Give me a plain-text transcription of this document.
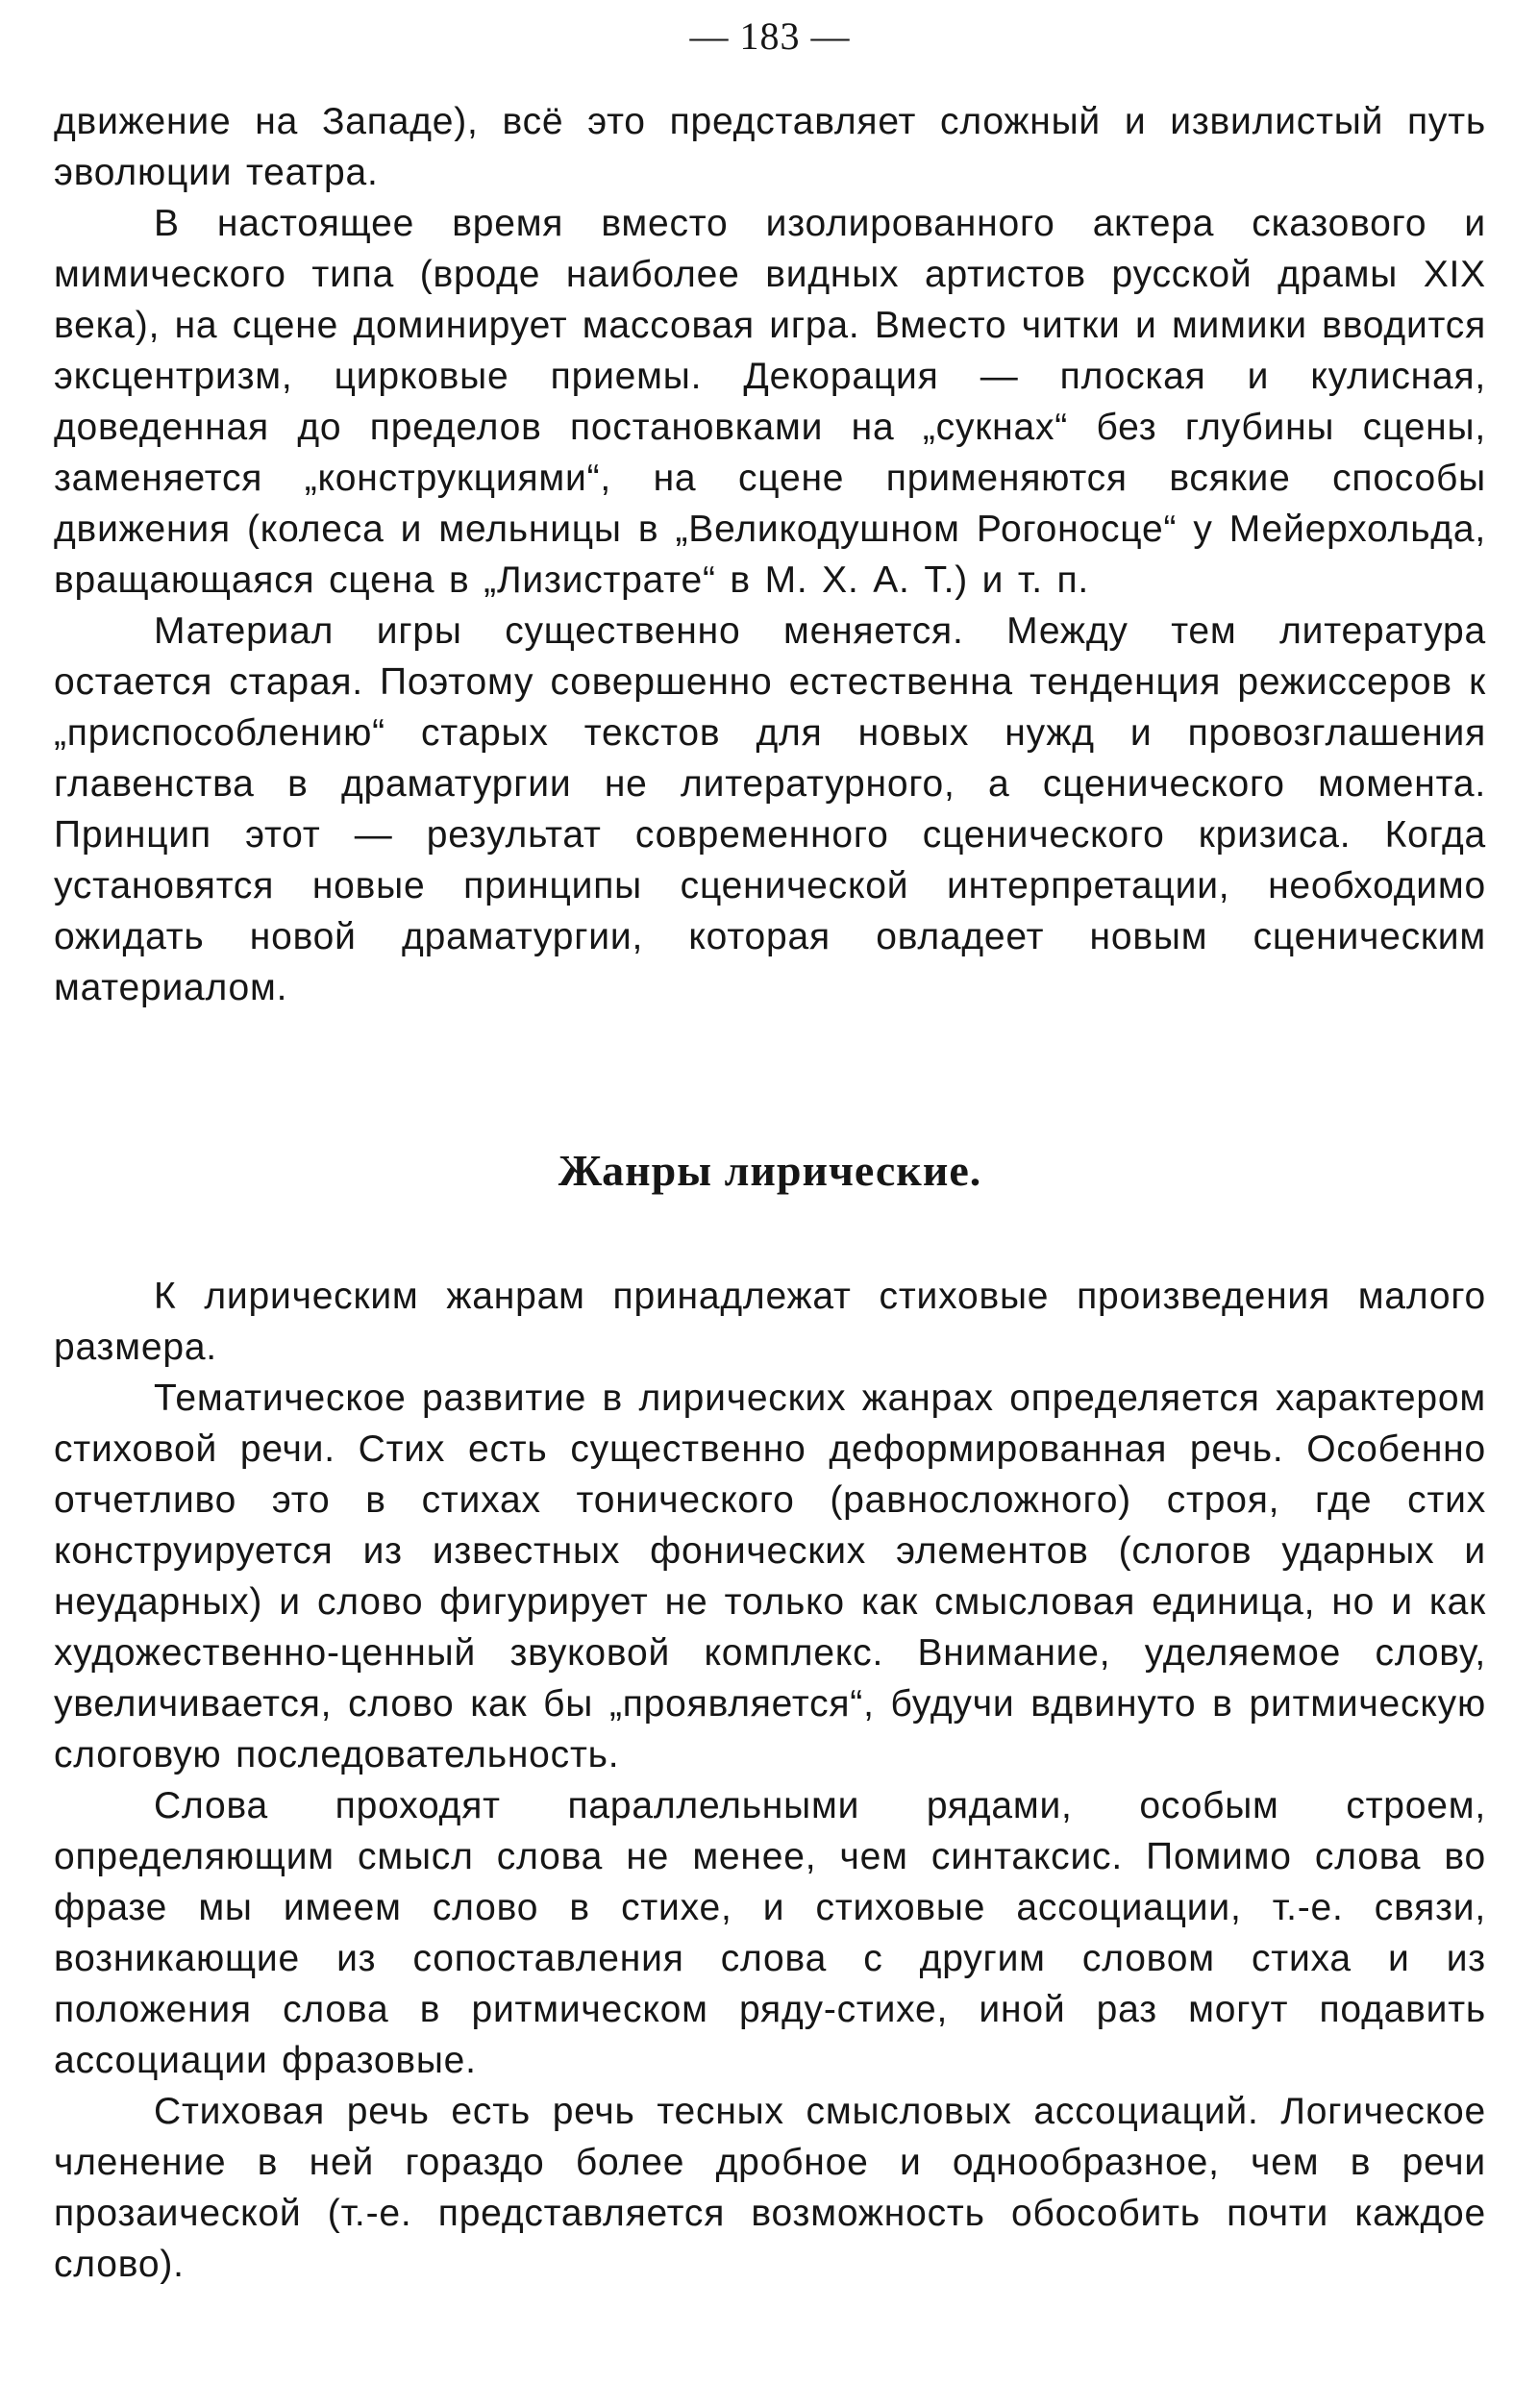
— 183 —

движение на Западе), всё это представляет сложный и извилистый путь эволюции театра.

В настоящее время вместо изолированного актера сказового и мимического типа (вроде наиболее видных артистов русской драмы XIX века), на сцене доминирует массовая игра. Вместо читки и мимики вводится эксцентризм, цирковые приемы. Декорация — плоская и кулисная, доведенная до пределов постановками на „сукнах“ без глубины сцены, заменяется „конструкциями“, на сцене применяются всякие способы движения (колеса и мельницы в „Великодушном Рогоносце“ у Мейерхольда, вращающаяся сцена в „Лизистрате“ в М. Х. А. Т.) и т. п.

Материал игры существенно меняется. Между тем литература остается старая. Поэтому совершенно естественна тенденция режиссеров к „приспособлению“ старых текстов для новых нужд и провозглашения главенства в драматургии не литературного, а сценического момента. Принцип этот — результат современного сценического кризиса. Когда установятся новые принципы сценической интерпретации, необходимо ожидать новой драматургии, которая овладеет новым сценическим материалом.

Жанры лирические.

К лирическим жанрам принадлежат стиховые произведения малого размера.

Тематическое развитие в лирических жанрах определяется характером стиховой речи. Стих есть существенно деформированная речь. Особенно отчетливо это в стихах тонического (равносложного) строя, где стих конструируется из известных фонических элементов (слогов ударных и неударных) и слово фигурирует не только как смысловая единица, но и как художественно-ценный звуковой комплекс. Внимание, уделяемое слову, увеличивается, слово как бы „проявляется“, будучи вдвинуто в ритмическую слоговую последовательность.

Слова проходят параллельными рядами, особым строем, определяющим смысл слова не менее, чем синтаксис. Помимо слова во фразе мы имеем слово в стихе, и стиховые ассоциации, т.-е. связи, возникающие из сопоставления слова с другим словом стиха и из положения слова в ритмическом ряду-стихе, иной раз могут подавить ассоциации фразовые.

Стиховая речь есть речь тесных смысловых ассоциаций. Логическое членение в ней гораздо более дробное и однообразное, чем в речи прозаической (т.-е. представляется возможность обособить почти каждое слово).
